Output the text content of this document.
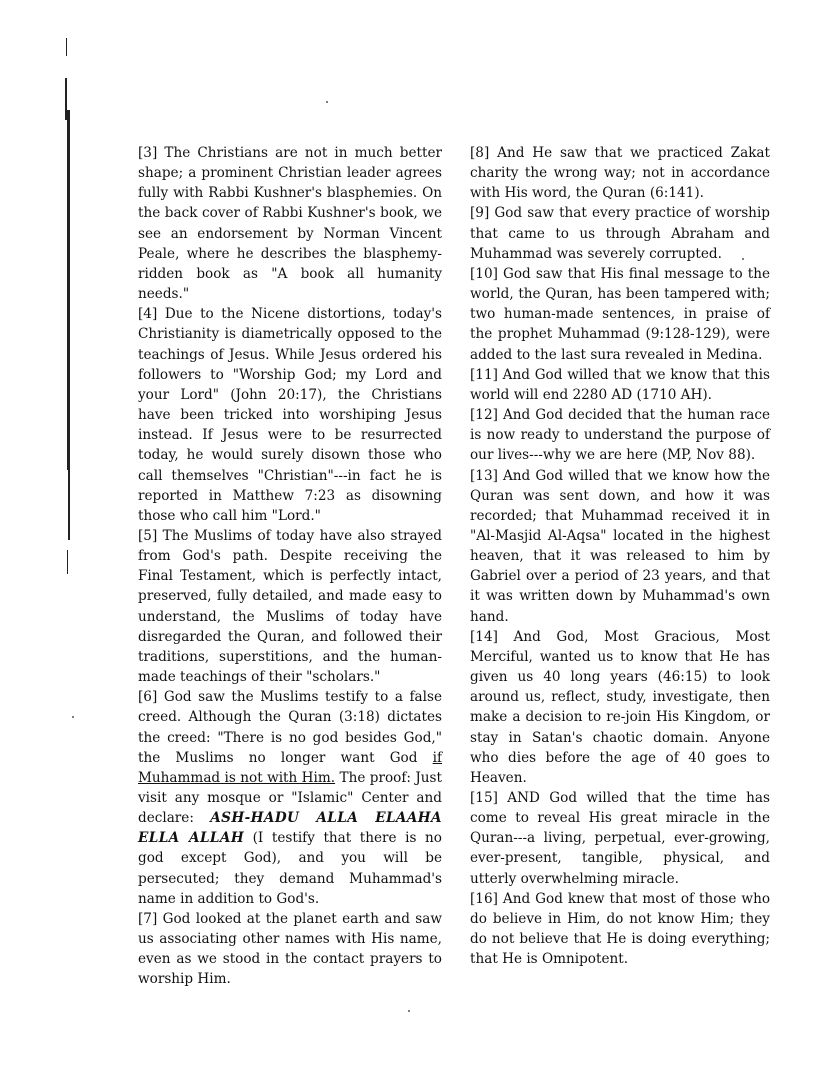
[3] The Christians are not in much better shape; a prominent Christian leader agrees fully with Rabbi Kushner's blasphemies. On the back cover of Rabbi Kushner's book, we see an endorsement by Norman Vincent Peale, where he describes the blasphemy-ridden book as "A book all humanity needs."

[4] Due to the Nicene distortions, today's Christianity is diametrically opposed to the teachings of Jesus. While Jesus ordered his followers to "Worship God; my Lord and your Lord" (John 20:17), the Christians have been tricked into worshiping Jesus instead. If Jesus were to be resurrected today, he would surely disown those who call themselves "Christian"---in fact he is reported in Matthew 7:23 as disowning those who call him "Lord."

[5] The Muslims of today have also strayed from God's path. Despite receiving the Final Testament, which is perfectly intact, preserved, fully detailed, and made easy to understand, the Muslims of today have disregarded the Quran, and followed their traditions, superstitions, and the human-made teachings of their "scholars."

[6] God saw the Muslims testify to a false creed. Although the Quran (3:18) dictates the creed: "There is no god besides God," the Muslims no longer want God if Muhammad is not with Him. The proof: Just visit any mosque or "Islamic" Center and declare: ASH-HADU ALLA ELAAHA ELLA ALLAH (I testify that there is no god except God), and you will be persecuted; they demand Muhammad's name in addition to God's.

[7] God looked at the planet earth and saw us associating other names with His name, even as we stood in the contact prayers to worship Him.

[8] And He saw that we practiced Zakat charity the wrong way; not in accordance with His word, the Quran (6:141).

[9] God saw that every practice of worship that came to us through Abraham and Muhammad was severely corrupted.

[10] God saw that His final message to the world, the Quran, has been tampered with; two human-made sentences, in praise of the prophet Muhammad (9:128-129), were added to the last sura revealed in Medina.

[11] And God willed that we know that this world will end 2280 AD (1710 AH).

[12] And God decided that the human race is now ready to understand the purpose of our lives---why we are here (MP, Nov 88).

[13] And God willed that we know how the Quran was sent down, and how it was recorded; that Muhammad received it in "Al-Masjid Al-Aqsa" located in the highest heaven, that it was released to him by Gabriel over a period of 23 years, and that it was written down by Muhammad's own hand.

[14] And God, Most Gracious, Most Merciful, wanted us to know that He has given us 40 long years (46:15) to look around us, reflect, study, investigate, then make a decision to re-join His Kingdom, or stay in Satan's chaotic domain. Anyone who dies before the age of 40 goes to Heaven.

[15] AND God willed that the time has come to reveal His great miracle in the Quran---a living, perpetual, ever-growing, ever-present, tangible, physical, and utterly overwhelming miracle.

[16] And God knew that most of those who do believe in Him, do not know Him; they do not believe that He is doing everything; that He is Omnipotent.
